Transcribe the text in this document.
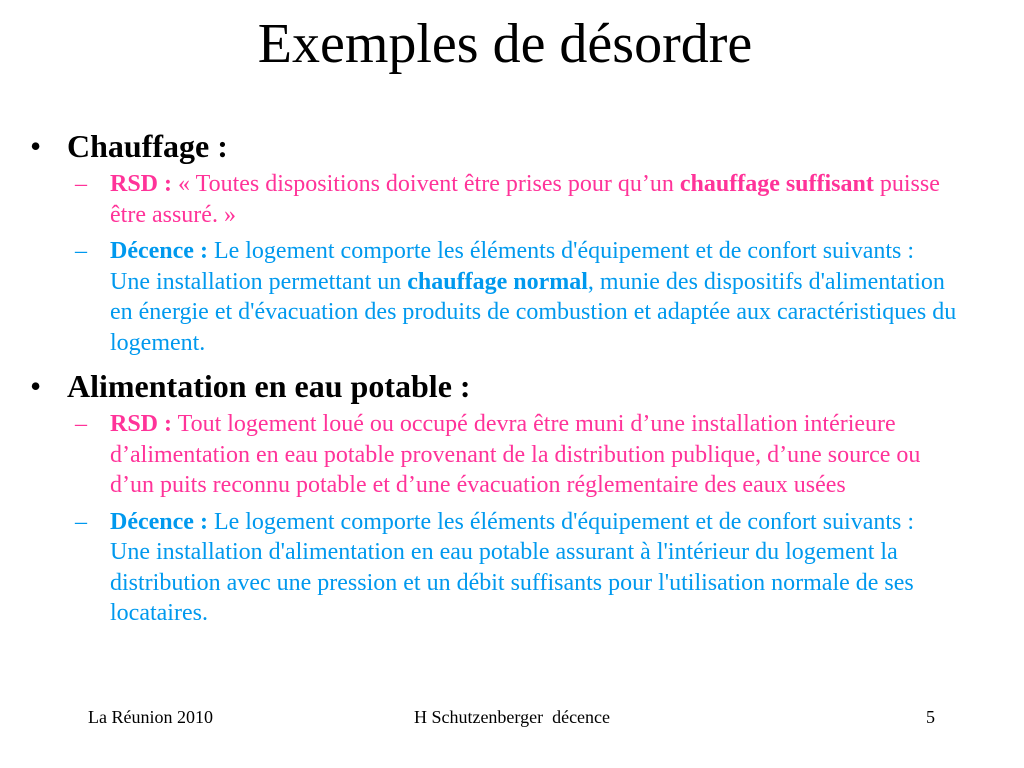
Exemples de désordre
• Chauffage :
– RSD : « Toutes dispositions doivent être prises pour qu’un chauffage suffisant puisse être assuré. »
– Décence : Le logement comporte les éléments d'équipement et de confort suivants : Une installation permettant un chauffage normal, munie des dispositifs d'alimentation en énergie et d'évacuation des produits de combustion et adaptée aux caractéristiques du logement.
• Alimentation en eau potable :
– RSD : Tout logement loué ou occupé devra être muni d’une installation intérieure d’alimentation en eau potable provenant de la distribution publique, d’une source ou d’un puits reconnu potable et d’une évacuation réglementaire des eaux usées
– Décence : Le logement comporte les éléments d'équipement et de confort suivants : Une installation d'alimentation en eau potable assurant à l'intérieur du logement la distribution avec une pression et un débit suffisants pour l'utilisation normale de ses locataires.
La Réunion 2010	H Schutzenberger  décence	5
